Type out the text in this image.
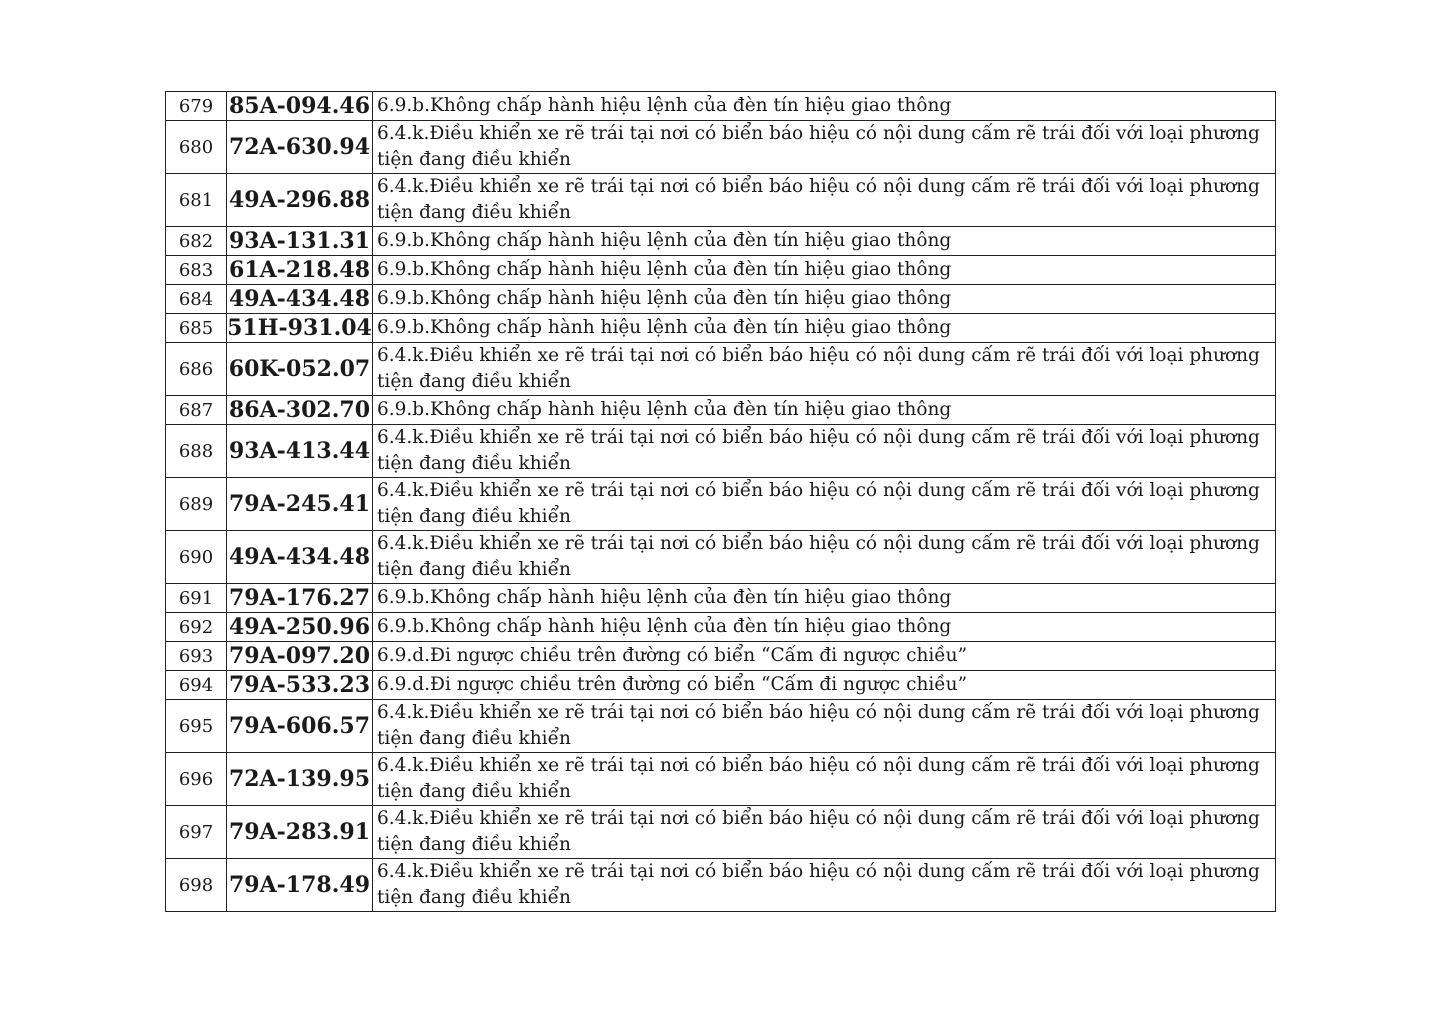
679	85A-094.46	6.9.b.Không chấp hành hiệu lệnh của đèn tín hiệu giao thông
680	72A-630.94	6.4.k.Điều khiển xe rẽ trái tại nơi có biển báo hiệu có nội dung cấm rẽ trái đối với loại phương tiện đang điều khiển
681	49A-296.88	6.4.k.Điều khiển xe rẽ trái tại nơi có biển báo hiệu có nội dung cấm rẽ trái đối với loại phương tiện đang điều khiển
682	93A-131.31	6.9.b.Không chấp hành hiệu lệnh của đèn tín hiệu giao thông
683	61A-218.48	6.9.b.Không chấp hành hiệu lệnh của đèn tín hiệu giao thông
684	49A-434.48	6.9.b.Không chấp hành hiệu lệnh của đèn tín hiệu giao thông
685	51H-931.04	6.9.b.Không chấp hành hiệu lệnh của đèn tín hiệu giao thông
686	60K-052.07	6.4.k.Điều khiển xe rẽ trái tại nơi có biển báo hiệu có nội dung cấm rẽ trái đối với loại phương tiện đang điều khiển
687	86A-302.70	6.9.b.Không chấp hành hiệu lệnh của đèn tín hiệu giao thông
688	93A-413.44	6.4.k.Điều khiển xe rẽ trái tại nơi có biển báo hiệu có nội dung cấm rẽ trái đối với loại phương tiện đang điều khiển
689	79A-245.41	6.4.k.Điều khiển xe rẽ trái tại nơi có biển báo hiệu có nội dung cấm rẽ trái đối với loại phương tiện đang điều khiển
690	49A-434.48	6.4.k.Điều khiển xe rẽ trái tại nơi có biển báo hiệu có nội dung cấm rẽ trái đối với loại phương tiện đang điều khiển
691	79A-176.27	6.9.b.Không chấp hành hiệu lệnh của đèn tín hiệu giao thông
692	49A-250.96	6.9.b.Không chấp hành hiệu lệnh của đèn tín hiệu giao thông
693	79A-097.20	6.9.d.Đi ngược chiều trên đường có biển “Cấm đi ngược chiều”
694	79A-533.23	6.9.d.Đi ngược chiều trên đường có biển “Cấm đi ngược chiều”
695	79A-606.57	6.4.k.Điều khiển xe rẽ trái tại nơi có biển báo hiệu có nội dung cấm rẽ trái đối với loại phương tiện đang điều khiển
696	72A-139.95	6.4.k.Điều khiển xe rẽ trái tại nơi có biển báo hiệu có nội dung cấm rẽ trái đối với loại phương tiện đang điều khiển
697	79A-283.91	6.4.k.Điều khiển xe rẽ trái tại nơi có biển báo hiệu có nội dung cấm rẽ trái đối với loại phương tiện đang điều khiển
698	79A-178.49	6.4.k.Điều khiển xe rẽ trái tại nơi có biển báo hiệu có nội dung cấm rẽ trái đối với loại phương tiện đang điều khiển
